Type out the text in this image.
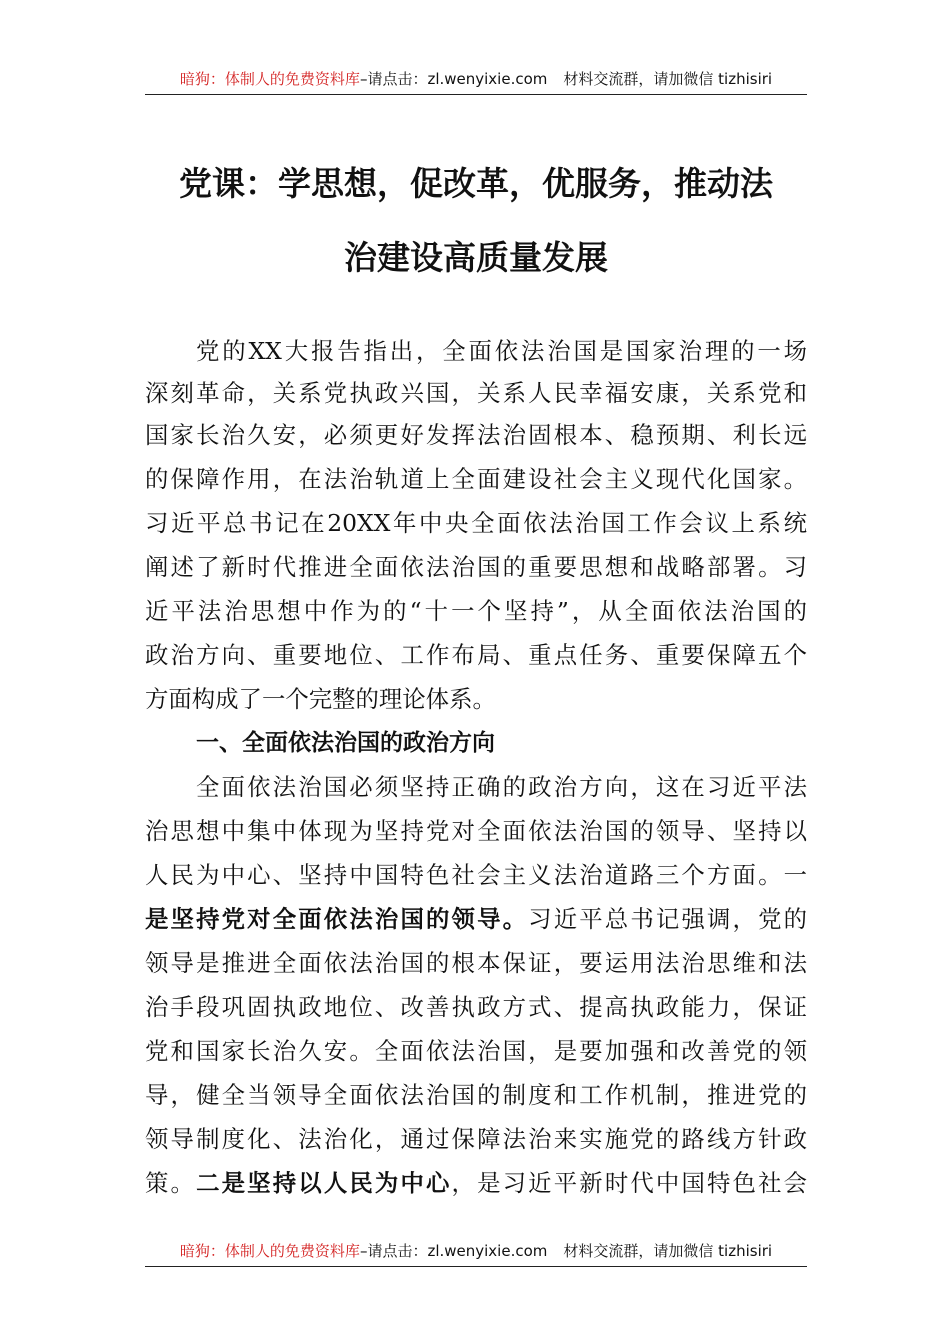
暗狗：体制人的免费资料库–请点击：zl.wenyixie.com 材料交流群，请加微信 tizhisiri
党课：学思想，促改革，优服务，推动法
治建设高质量发展
党的XX大报告指出，全面依法治国是国家治理的一场
深刻革命，关系党执政兴国，关系人民幸福安康，关系党和
国家长治久安，必须更好发挥法治固根本、稳预期、利长远
的保障作用，在法治轨道上全面建设社会主义现代化国家。
习近平总书记在20XX年中央全面依法治国工作会议上系统
阐述了新时代推进全面依法治国的重要思想和战略部署。习
近平法治思想中作为的“十一个坚持”，从全面依法治国的
政治方向、重要地位、工作布局、重点任务、重要保障五个
方面构成了一个完整的理论体系。
一、全面依法治国的政治方向
全面依法治国必须坚持正确的政治方向，这在习近平法
治思想中集中体现为坚持党对全面依法治国的领导、坚持以
人民为中心、坚持中国特色社会主义法治道路三个方面。一
是坚持党对全面依法治国的领导。习近平总书记强调，党的
领导是推进全面依法治国的根本保证，要运用法治思维和法
治手段巩固执政地位、改善执政方式、提高执政能力，保证
党和国家长治久安。全面依法治国，是要加强和改善党的领
导，健全当领导全面依法治国的制度和工作机制，推进党的
领导制度化、法治化，通过保障法治来实施党的路线方针政
策。二是坚持以人民为中心，是习近平新时代中国特色社会
暗狗：体制人的免费资料库–请点击：zl.wenyixie.com 材料交流群，请加微信 tizhisiri
